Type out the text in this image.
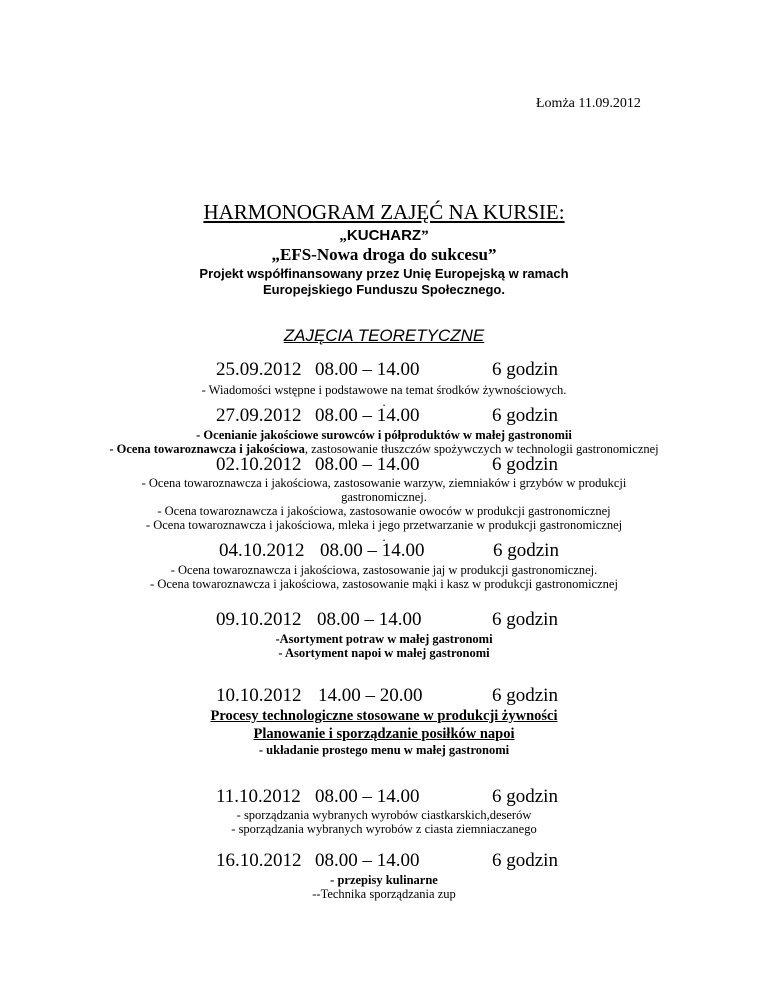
Łomża 11.09.2012
HARMONOGRAM ZAJĘĆ NA KURSIE:
„KUCHARZ”
„EFS-Nowa droga do sukcesu”
Projekt współfinansowany przez Unię Europejską w ramach
Europejskiego Funduszu Społecznego.
ZAJĘCIA TEORETYCZNE
25.09.2012 08.00 – 14.00	6 godzin
- Wiadomości wstępne i podstawowe na temat środków żywnościowych.
.
27.09.2012 08.00 – 14.00	6 godzin
- Ocenianie jakościowe surowców i półproduktów w małej gastronomii
- Ocena towaroznawcza i jakościowa, zastosowanie tłuszczów spożywczych w technologii gastronomicznej
02.10.2012 08.00 – 14.00	6 godzin
- Ocena towaroznawcza i jakościowa, zastosowanie warzyw, ziemniaków i grzybów w produkcji
gastronomicznej.
- Ocena towaroznawcza i jakościowa, zastosowanie owoców w produkcji gastronomicznej
- Ocena towaroznawcza i jakościowa, mleka i jego przetwarzanie w produkcji gastronomicznej
.
04.10.2012 08.00 – 14.00	6 godzin
- Ocena towaroznawcza i jakościowa, zastosowanie jaj w produkcji gastronomicznej.
- Ocena towaroznawcza i jakościowa, zastosowanie mąki i kasz w produkcji gastronomicznej
09.10.2012 08.00 – 14.00	6 godzin
-Asortyment potraw w małej gastronomi
- Asortyment napoi w małej gastronomi
10.10.2012 14.00 – 20.00	6 godzin
Procesy technologiczne stosowane w produkcji żywności
Planowanie i sporządzanie posiłków napoi
- układanie prostego menu w małej gastronomi
11.10.2012 08.00 – 14.00	6 godzin
- sporządzania wybranych wyrobów ciastkarskich,deserów
- sporządzania wybranych wyrobów z ciasta ziemniaczanego
16.10.2012 08.00 – 14.00	6 godzin
- przepisy kulinarne
--Technika sporządzania zup
